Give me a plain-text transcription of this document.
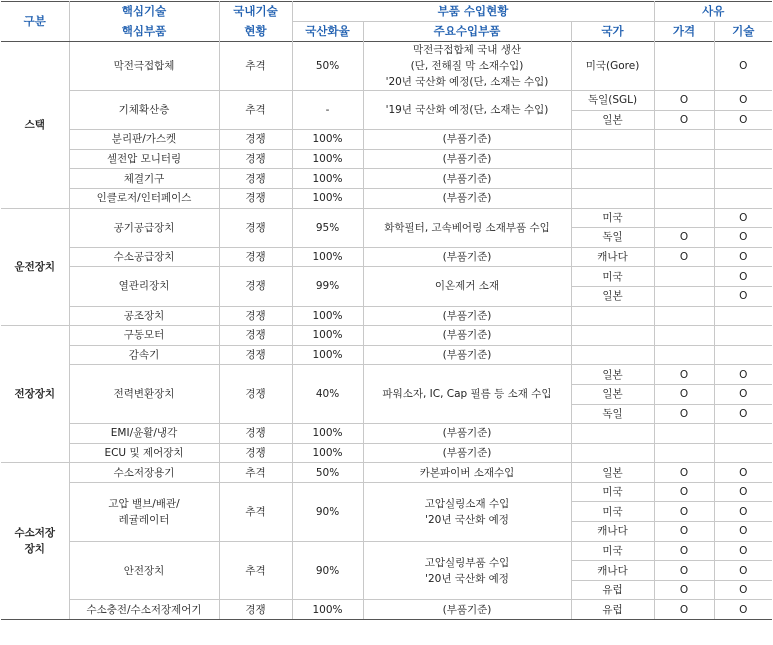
구분	핵심기술	국내기술	부품 수입현황			사유	
	핵심부품	현황	국산화율	주요수입부품	국가	가격	기술
스택	막전극접합체	추격	50%	막전극접합체 국내 생산
(단, 전해질 막 소재수입)
'20년 국산화 예정(단, 소재는 수입)	미국(Gore)		O

	기체확산층	추격	-	'19년 국산화 예정(단, 소재는 수입)	독일(SGL)	O	O
					일본	O	O
	분리판/가스켓	경쟁	100%	(부품기준)			
	셀전압 모니터링	경쟁	100%	(부품기준)			
	체결기구	경쟁	100%	(부품기준)			
	인클로저/인터페이스	경쟁	100%	(부품기준)			
운전장치	공기공급장치	경쟁	95%	화학필터, 고속베어링 소재부품 수입	미국		O
					독일	O	O
	수소공급장치	경쟁	100%	(부품기준)	캐나다	O	O
	열관리장치	경쟁	99%	이온제거 소재	미국		O
					일본		O
	공조장치	경쟁	100%	(부품기준)			
전장장치	구동모터	경쟁	100%	(부품기준)			
	감속기	경쟁	100%	(부품기준)			
	전력변환장치	경쟁	40%	파워소자, IC, Cap 필름 등 소재 수입	일본	O	O
					일본	O	O
					독일	O	O
	EMI/윤활/냉각	경쟁	100%	(부품기준)			
	ECU 및 제어장치	경쟁	100%	(부품기준)			

수소저장
장치	수소저장용기	추격	50%	카본파이버 소재수입	일본	O	O

	고압 밸브/배관/
레귤레이터	추격	90%	고압실링소재 수입
'20년 국산화 예정	미국	O	O
					미국	O	O
					캐나다	O	O
	안전장치	추격	90%	고압실링부품 수입
'20년 국산화 예정	미국	O	O
					캐나다	O	O
					유럽	O	O
	수소충전/수소저장제어기	경쟁	100%	(부품기준)	유럽	O	O
